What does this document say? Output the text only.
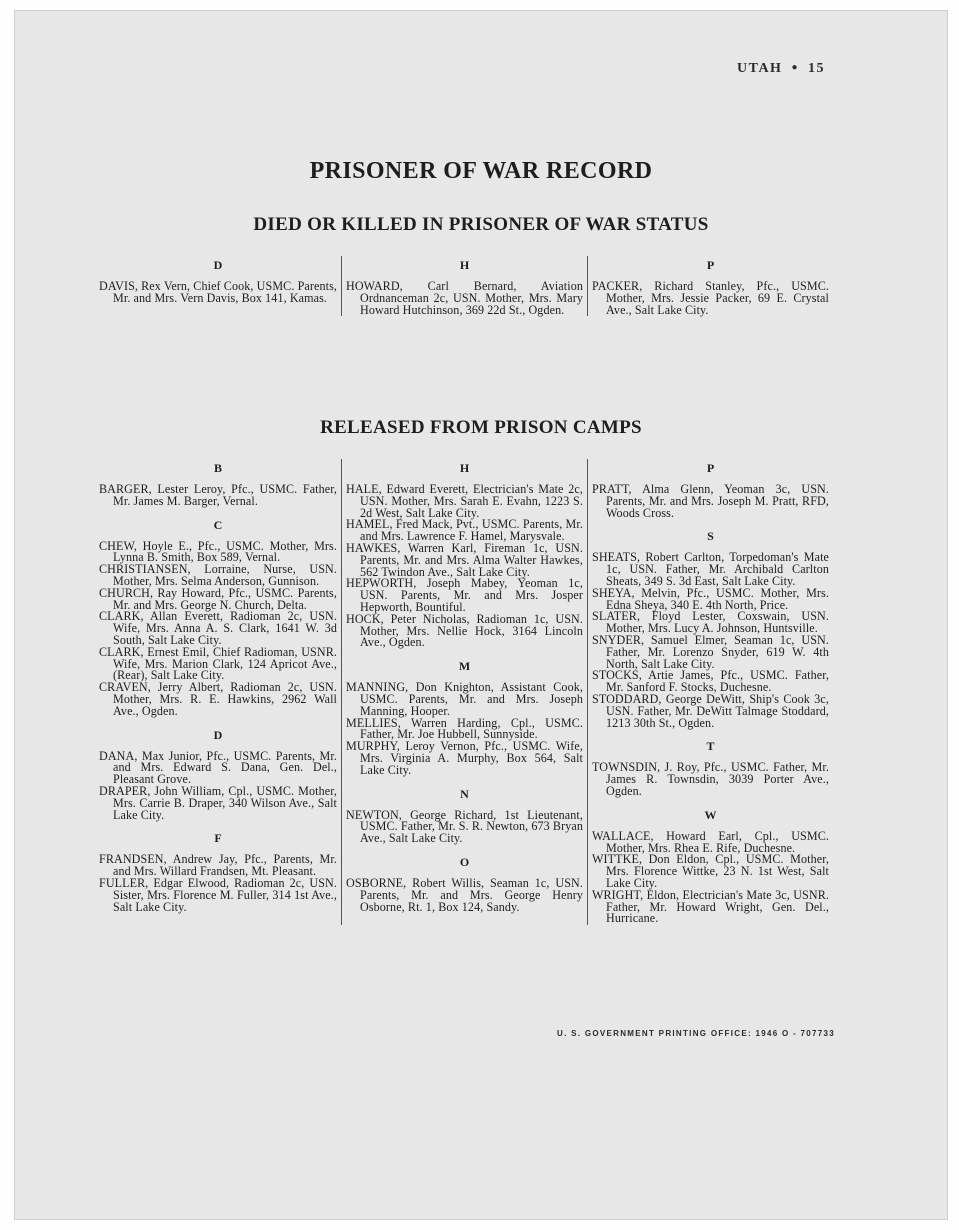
UTAH ● 15
PRISONER OF WAR RECORD
DIED OR KILLED IN PRISONER OF WAR STATUS
D

DAVIS, Rex Vern, Chief Cook, USMC. Parents, Mr. and Mrs. Vern Davis, Box 141, Kamas.

H

HOWARD, Carl Bernard, Aviation Ordnanceman 2c, USN. Mother, Mrs. Mary Howard Hutchinson, 369 22d St., Ogden.

P

PACKER, Richard Stanley, Pfc., USMC. Mother, Mrs. Jessie Packer, 69 E. Crystal Ave., Salt Lake City.

RELEASED FROM PRISON CAMPS
B

BARGER, Lester Leroy, Pfc., USMC. Father, Mr. James M. Barger, Vernal.

C

CHEW, Hoyle E., Pfc., USMC. Mother, Mrs. Lynna B. Smith, Box 589, Vernal.

CHRISTIANSEN, Lorraine, Nurse, USN. Mother, Mrs. Selma Anderson, Gunnison.

CHURCH, Ray Howard, Pfc., USMC. Parents, Mr. and Mrs. George N. Church, Delta.

CLARK, Allan Everett, Radioman 2c, USN. Wife, Mrs. Anna A. S. Clark, 1641 W. 3d South, Salt Lake City.

CLARK, Ernest Emil, Chief Radioman, USNR. Wife, Mrs. Marion Clark, 124 Apricot Ave., (Rear), Salt Lake City.

CRAVEN, Jerry Albert, Radioman 2c, USN. Mother, Mrs. R. E. Hawkins, 2962 Wall Ave., Ogden.

D

DANA, Max Junior, Pfc., USMC. Parents, Mr. and Mrs. Edward S. Dana, Gen. Del., Pleasant Grove.

DRAPER, John William, Cpl., USMC. Mother, Mrs. Carrie B. Draper, 340 Wilson Ave., Salt Lake City.

F

FRANDSEN, Andrew Jay, Pfc., Parents, Mr. and Mrs. Willard Frandsen, Mt. Pleasant.

FULLER, Edgar Elwood, Radioman 2c, USN. Sister, Mrs. Florence M. Fuller, 314 1st Ave., Salt Lake City.

H

HALE, Edward Everett, Electrician's Mate 2c, USN. Mother, Mrs. Sarah E. Evahn, 1223 S. 2d West, Salt Lake City.

HAMEL, Fred Mack, Pvt., USMC. Parents, Mr. and Mrs. Lawrence F. Hamel, Marysvale.

HAWKES, Warren Karl, Fireman 1c, USN. Parents, Mr. and Mrs. Alma Walter Hawkes, 562 Twindon Ave., Salt Lake City.

HEPWORTH, Joseph Mabey, Yeoman 1c, USN. Parents, Mr. and Mrs. Josper Hepworth, Bountiful.

HOCK, Peter Nicholas, Radioman 1c, USN. Mother, Mrs. Nellie Hock, 3164 Lincoln Ave., Ogden.

M

MANNING, Don Knighton, Assistant Cook, USMC. Parents, Mr. and Mrs. Joseph Manning, Hooper.

MELLIES, Warren Harding, Cpl., USMC. Father, Mr. Joe Hubbell, Sunnyside.

MURPHY, Leroy Vernon, Pfc., USMC. Wife, Mrs. Virginia A. Murphy, Box 564, Salt Lake City.

N

NEWTON, George Richard, 1st Lieutenant, USMC. Father, Mr. S. R. Newton, 673 Bryan Ave., Salt Lake City.

O

OSBORNE, Robert Willis, Seaman 1c, USN. Parents, Mr. and Mrs. George Henry Osborne, Rt. 1, Box 124, Sandy.

P

PRATT, Alma Glenn, Yeoman 3c, USN. Parents, Mr. and Mrs. Joseph M. Pratt, RFD, Woods Cross.

S

SHEATS, Robert Carlton, Torpedoman's Mate 1c, USN. Father, Mr. Archibald Carlton Sheats, 349 S. 3d East, Salt Lake City.

SHEYA, Melvin, Pfc., USMC. Mother, Mrs. Edna Sheya, 340 E. 4th North, Price.

SLATER, Floyd Lester, Coxswain, USN. Mother, Mrs. Lucy A. Johnson, Huntsville.

SNYDER, Samuel Elmer, Seaman 1c, USN. Father, Mr. Lorenzo Snyder, 619 W. 4th North, Salt Lake City.

STOCKS, Artie James, Pfc., USMC. Father, Mr. Sanford F. Stocks, Duchesne.

STODDARD, George DeWitt, Ship's Cook 3c, USN. Father, Mr. DeWitt Talmage Stoddard, 1213 30th St., Ogden.

T

TOWNSDIN, J. Roy, Pfc., USMC. Father, Mr. James R. Townsdin, 3039 Porter Ave., Ogden.

W

WALLACE, Howard Earl, Cpl., USMC. Mother, Mrs. Rhea E. Rife, Duchesne.

WITTKE, Don Eldon, Cpl., USMC. Mother, Mrs. Florence Wittke, 23 N. 1st West, Salt Lake City.

WRIGHT, Eldon, Electrician's Mate 3c, USNR. Father, Mr. Howard Wright, Gen. Del., Hurricane.

U. S. GOVERNMENT PRINTING OFFICE: 1946 O - 707733
